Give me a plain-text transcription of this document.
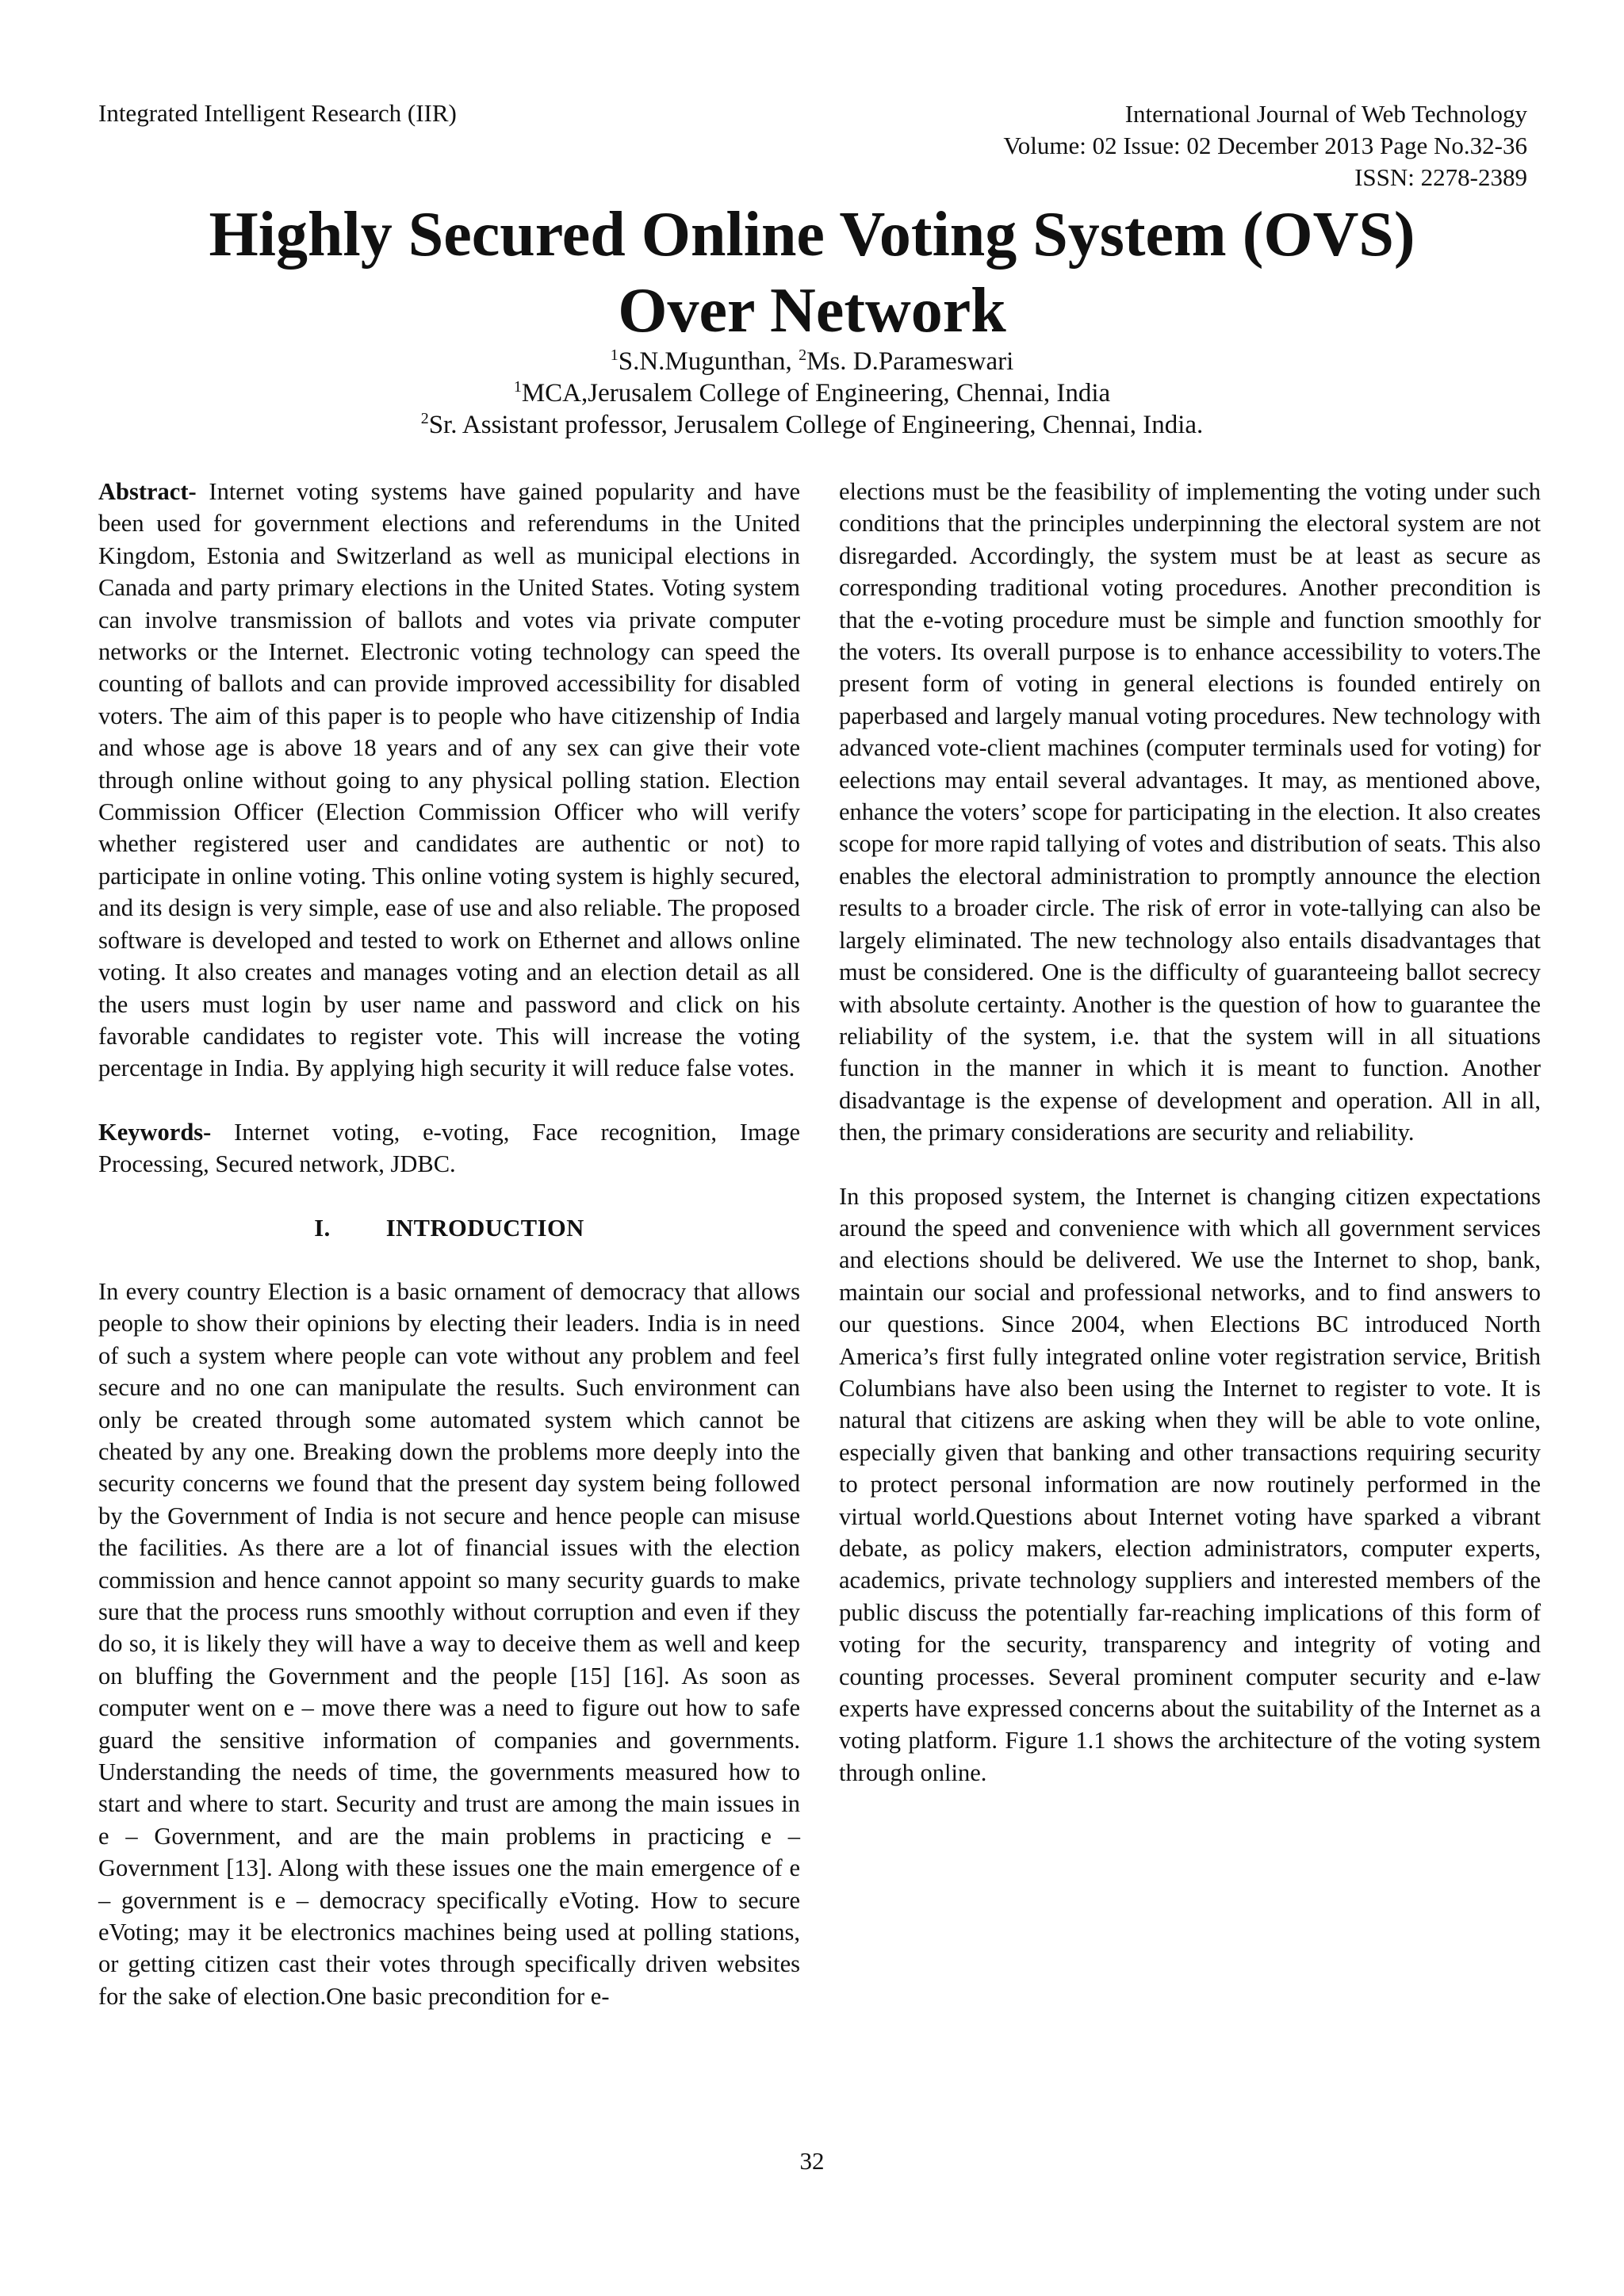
Integrated Intelligent Research (IIR)	International Journal of Web Technology
Volume: 02 Issue: 02 December 2013 Page No.32-36
ISSN: 2278-2389
Highly Secured Online Voting System (OVS)
Over Network
$^1$S.N.Mugunthan, $^2$Ms. D.Parameswari
$^1$MCA,Jerusalem College of Engineering, Chennai, India
$^2$Sr. Assistant professor, Jerusalem College of Engineering, Chennai, India.

Abstract- Internet voting systems have gained popularity and have been used for government elections and referendums in the United Kingdom, Estonia and Switzerland as well as municipal elections in Canada and party primary elections in the United States. Voting system can involve transmission of ballots and votes via private computer networks or the Internet. Electronic voting technology can speed the counting of ballots and can provide improved accessibility for disabled voters. The aim of this paper is to people who have citizenship of India and whose age is above 18 years and of any sex can give their vote through online without going to any physical polling station. Election Commission Officer (Election Commission Officer who will verify whether registered user and candidates are authentic or not) to participate in online voting. This online voting system is highly secured, and its design is very simple, ease of use and also reliable. The proposed software is developed and tested to work on Ethernet and allows online voting. It also creates and manages voting and an election detail as all the users must login by user name and password and click on his favorable candidates to register vote. This will increase the voting percentage in India. By applying high security it will reduce false votes.

Keywords- Internet voting, e-voting, Face recognition, Image Processing, Secured network, JDBC.

I. INTRODUCTION

In every country Election is a basic ornament of democracy that allows people to show their opinions by electing their leaders. India is in need of such a system where people can vote without any problem and feel secure and no one can manipulate the results. Such environment can only be created through some automated system which cannot be cheated by any one. Breaking down the problems more deeply into the security concerns we found that the present day system being followed by the Government of India is not secure and hence people can misuse the facilities. As there are a lot of financial issues with the election commission and hence cannot appoint so many security guards to make sure that the process runs smoothly without corruption and even if they do so, it is likely they will have a way to deceive them as well and keep on bluffing the Government and the people [15] [16]. As soon as computer went on e – move there was a need to figure out how to safe guard the sensitive information of companies and governments. Understanding the needs of time, the governments measured how to start and where to start. Security and trust are among the main issues in e – Government, and are the main problems in practicing e – Government [13]. Along with these issues one the main emergence of e – government is e – democracy specifically eVoting. How to secure eVoting; may it be electronics machines being used at polling stations, or getting citizen cast their votes through specifically driven websites for the sake of election.One basic precondition for e-

elections must be the feasibility of implementing the voting under such conditions that the principles underpinning the electoral system are not disregarded. Accordingly, the system must be at least as secure as corresponding traditional voting procedures. Another precondition is that the e-voting procedure must be simple and function smoothly for the voters. Its overall purpose is to enhance accessibility to voters.The present form of voting in general elections is founded entirely on paperbased and largely manual voting procedures. New technology with advanced vote-client machines (computer terminals used for voting) for eelections may entail several advantages. It may, as mentioned above, enhance the voters’ scope for participating in the election. It also creates scope for more rapid tallying of votes and distribution of seats. This also enables the electoral administration to promptly announce the election results to a broader circle. The risk of error in vote-tallying can also be largely eliminated. The new technology also entails disadvantages that must be considered. One is the difficulty of guaranteeing ballot secrecy with absolute certainty. Another is the question of how to guarantee the reliability of the system, i.e. that the system will in all situations function in the manner in which it is meant to function. Another disadvantage is the expense of development and operation. All in all, then, the primary considerations are security and reliability.

In this proposed system, the Internet is changing citizen expectations around the speed and convenience with which all government services and elections should be delivered. We use the Internet to shop, bank, maintain our social and professional networks, and to find answers to our questions. Since 2004, when Elections BC introduced North America’s first fully integrated online voter registration service, British Columbians have also been using the Internet to register to vote. It is natural that citizens are asking when they will be able to vote online, especially given that banking and other transactions requiring security to protect personal information are now routinely performed in the virtual world.Questions about Internet voting have sparked a vibrant debate, as policy makers, election administrators, computer experts, academics, private technology suppliers and interested members of the public discuss the potentially far-reaching implications of this form of voting for the security, transparency and integrity of voting and counting processes. Several prominent computer security and e-law experts have expressed concerns about the suitability of the Internet as a voting platform. Figure 1.1 shows the architecture of the voting system through online.

32
